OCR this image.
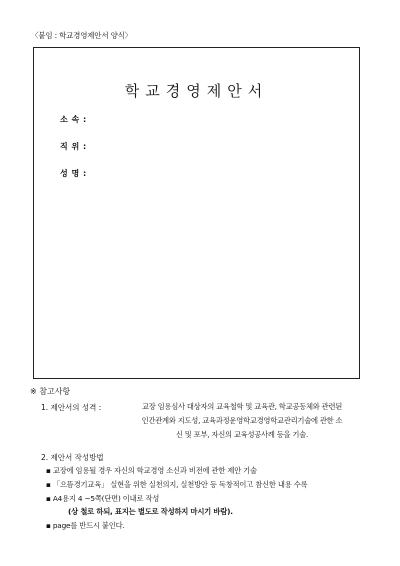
〈붙임 : 학교경영제안서 양식〉
학교경영제안서
소 속 :
직 위 :
성 명 :
※ 참고사항
1. 제안서의 성격 :	교장 임용심사 대상자의 교육철학 및 교육관, 학교공동체와 관련된
인간관계와 지도성, 교육과정운영학교경영학교관리기술에 관한 소
신 및 포부, 자신의 교육성공사례 등을 기술.
2. 제안서 작성방법
▪ 교장에 임용될 경우 자신의 학교경영 소신과 비전에 관한 제안 기술
▪ 「으뜸경기교육」 실현을 위한 실천의지, 실천방안 등 독창적이고 참신한 내용 수록
▪ A4용지 4 ~5쪽(단면) 이내로 작성
(상 철로 하되, 표지는 별도로 작성하지 마시기 바람).
▪ page를 반드시 붙인다.
